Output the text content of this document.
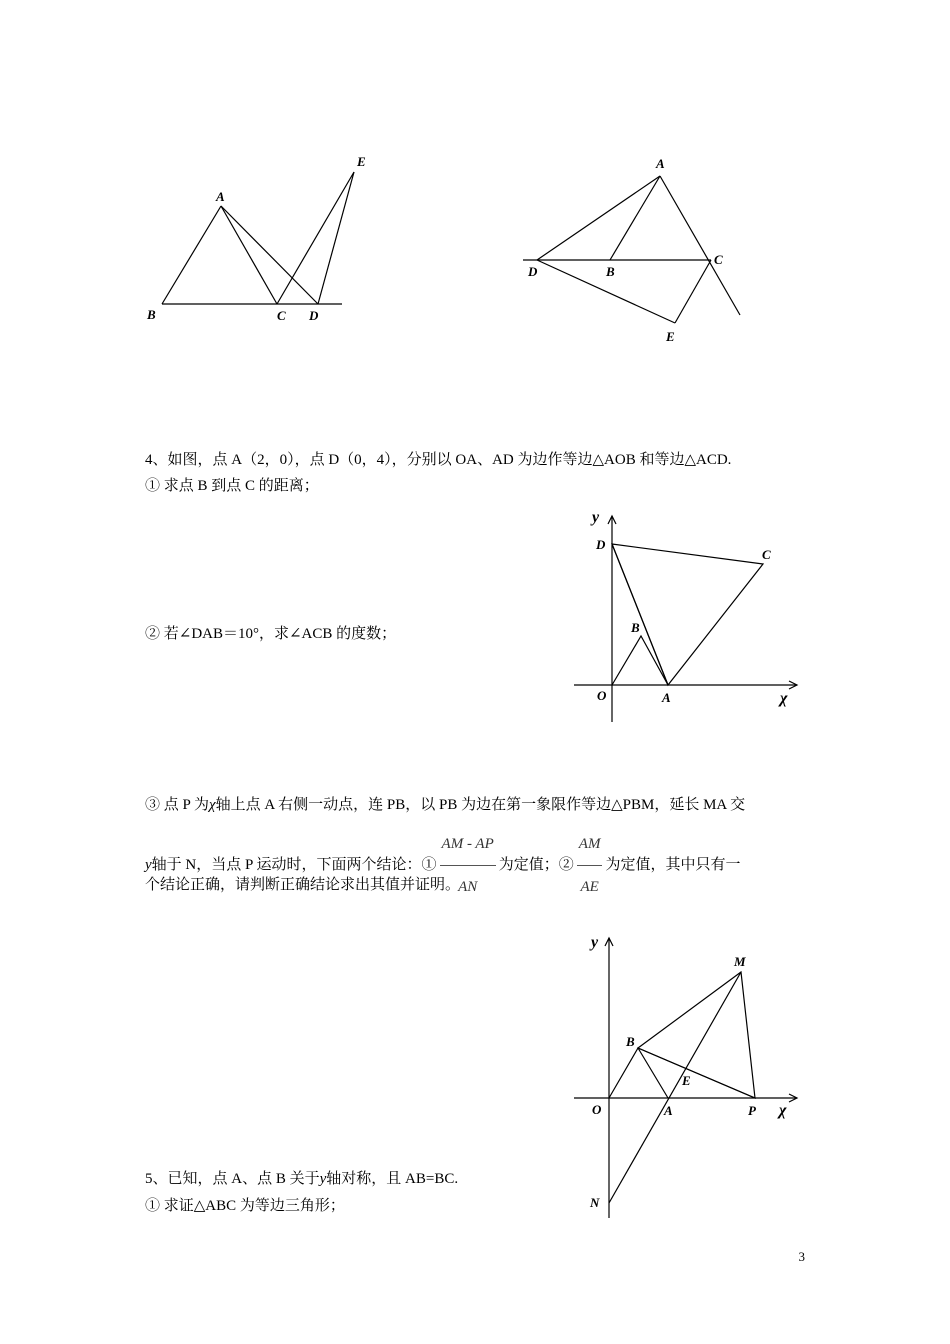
A
B	C D
E	A
B
C
D
E
4、如图，点 A（2，0），点 D（0，4），分别以 OA、AD 为边作等边△AOB 和等边△ACD.
① 求点 B 到点 C 的距离；
y
χ
D
C
B
O	A
② 若∠DAB＝10°，求∠ACB 的度数；
③ 点 P 为χ轴上点 A 右侧一动点，连 PB，以 PB 为边在第一象限作等边△PBM，延长 MA 交
y轴于 N，当点 P 运动时，下面两个结论：① $\frac{AM - AP}{AN}$ 为定值；② $\frac{AM}{AE}$ 为定值，其中只有一
个结论正确，请判断正确结论求出其值并证明。
y
χ
M
B
E
O	A	P
N
5、已知，点 A、点 B 关于y轴对称，且 AB=BC.
① 求证△ABC 为等边三角形；
3
